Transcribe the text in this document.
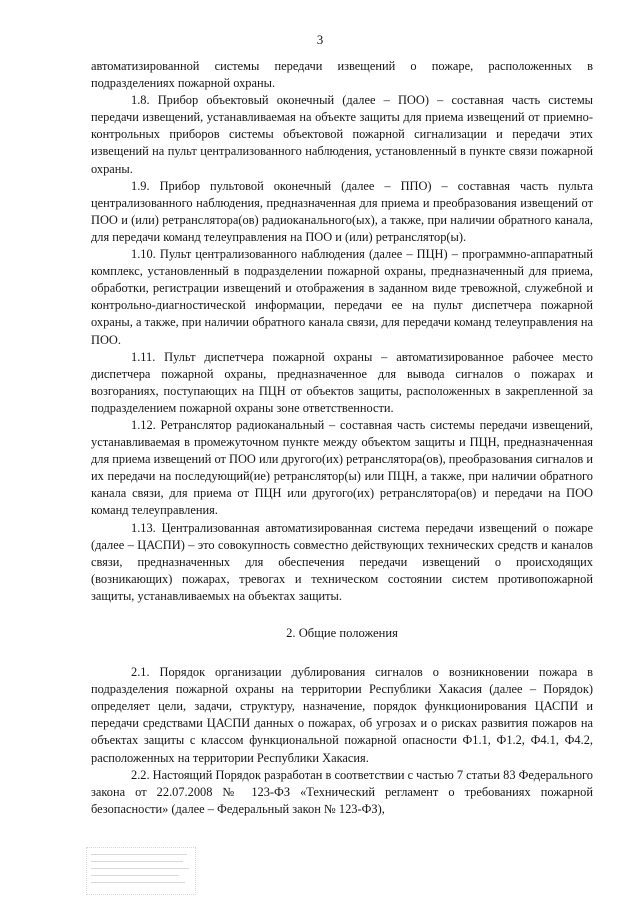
3

автоматизированной системы передачи извещений о пожаре, расположенных в подразделениях пожарной охраны.

1.8. Прибор объектовый оконечный (далее – ПОО) – составная часть системы передачи извещений, устанавливаемая на объекте защиты для приема извещений от приемно-контрольных приборов системы объектовой пожарной сигнализации и передачи этих извещений на пульт централизованного наблюдения, установленный в пункте связи пожарной охраны.

1.9. Прибор пультовой оконечный (далее – ППО) – составная часть пульта централизованного наблюдения, предназначенная для приема и преобразования извещений от ПОО и (или) ретранслятора(ов) радиоканального(ых), а также, при наличии обратного канала, для передачи команд телеуправления на ПОО и (или) ретранслятор(ы).

1.10. Пульт централизованного наблюдения (далее – ПЦН) – программно-аппаратный комплекс, установленный в подразделении пожарной охраны, предназначенный для приема, обработки, регистрации извещений и отображения в заданном виде тревожной, служебной и контрольно-диагностической информации, передачи ее на пульт диспетчера пожарной охраны, а также, при наличии обратного канала связи, для передачи команд телеуправления на ПОО.

1.11. Пульт диспетчера пожарной охраны – автоматизированное рабочее место диспетчера пожарной охраны, предназначенное для вывода сигналов о пожарах и возгораниях, поступающих на ПЦН от объектов защиты, расположенных в закрепленной за подразделением пожарной охраны зоне ответственности.

1.12. Ретранслятор радиоканальный – составная часть системы передачи извещений, устанавливаемая в промежуточном пункте между объектом защиты и ПЦН, предназначенная для приема извещений от ПОО или другого(их) ретранслятора(ов), преобразования сигналов и их передачи на последующий(ие) ретранслятор(ы) или ПЦН, а также, при наличии обратного канала связи, для приема от ПЦН или другого(их) ретранслятора(ов) и передачи на ПОО команд телеуправления.

1.13. Централизованная автоматизированная система передачи извещений о пожаре (далее – ЦАСПИ) – это совокупность совместно действующих технических средств и каналов связи, предназначенных для обеспечения передачи извещений о происходящих (возникающих) пожарах, тревогах и техническом состоянии систем противопожарной защиты, устанавливаемых на объектах защиты.

2. Общие положения

2.1. Порядок организации дублирования сигналов о возникновении пожара в подразделения пожарной охраны на территории Республики Хакасия (далее – Порядок) определяет цели, задачи, структуру, назначение, порядок функционирования ЦАСПИ и передачи средствами ЦАСПИ данных о пожарах, об угрозах и о рисках развития пожаров на объектах защиты с классом функциональной пожарной опасности Ф1.1, Ф1.2, Ф4.1, Ф4.2, расположенных на территории Республики Хакасия.

2.2. Настоящий Порядок разработан в соответствии с частью 7 статьи 83 Федерального закона от 22.07.2008 № 123-ФЗ «Технический регламент о требованиях пожарной безопасности» (далее – Федеральный закон № 123-ФЗ),
